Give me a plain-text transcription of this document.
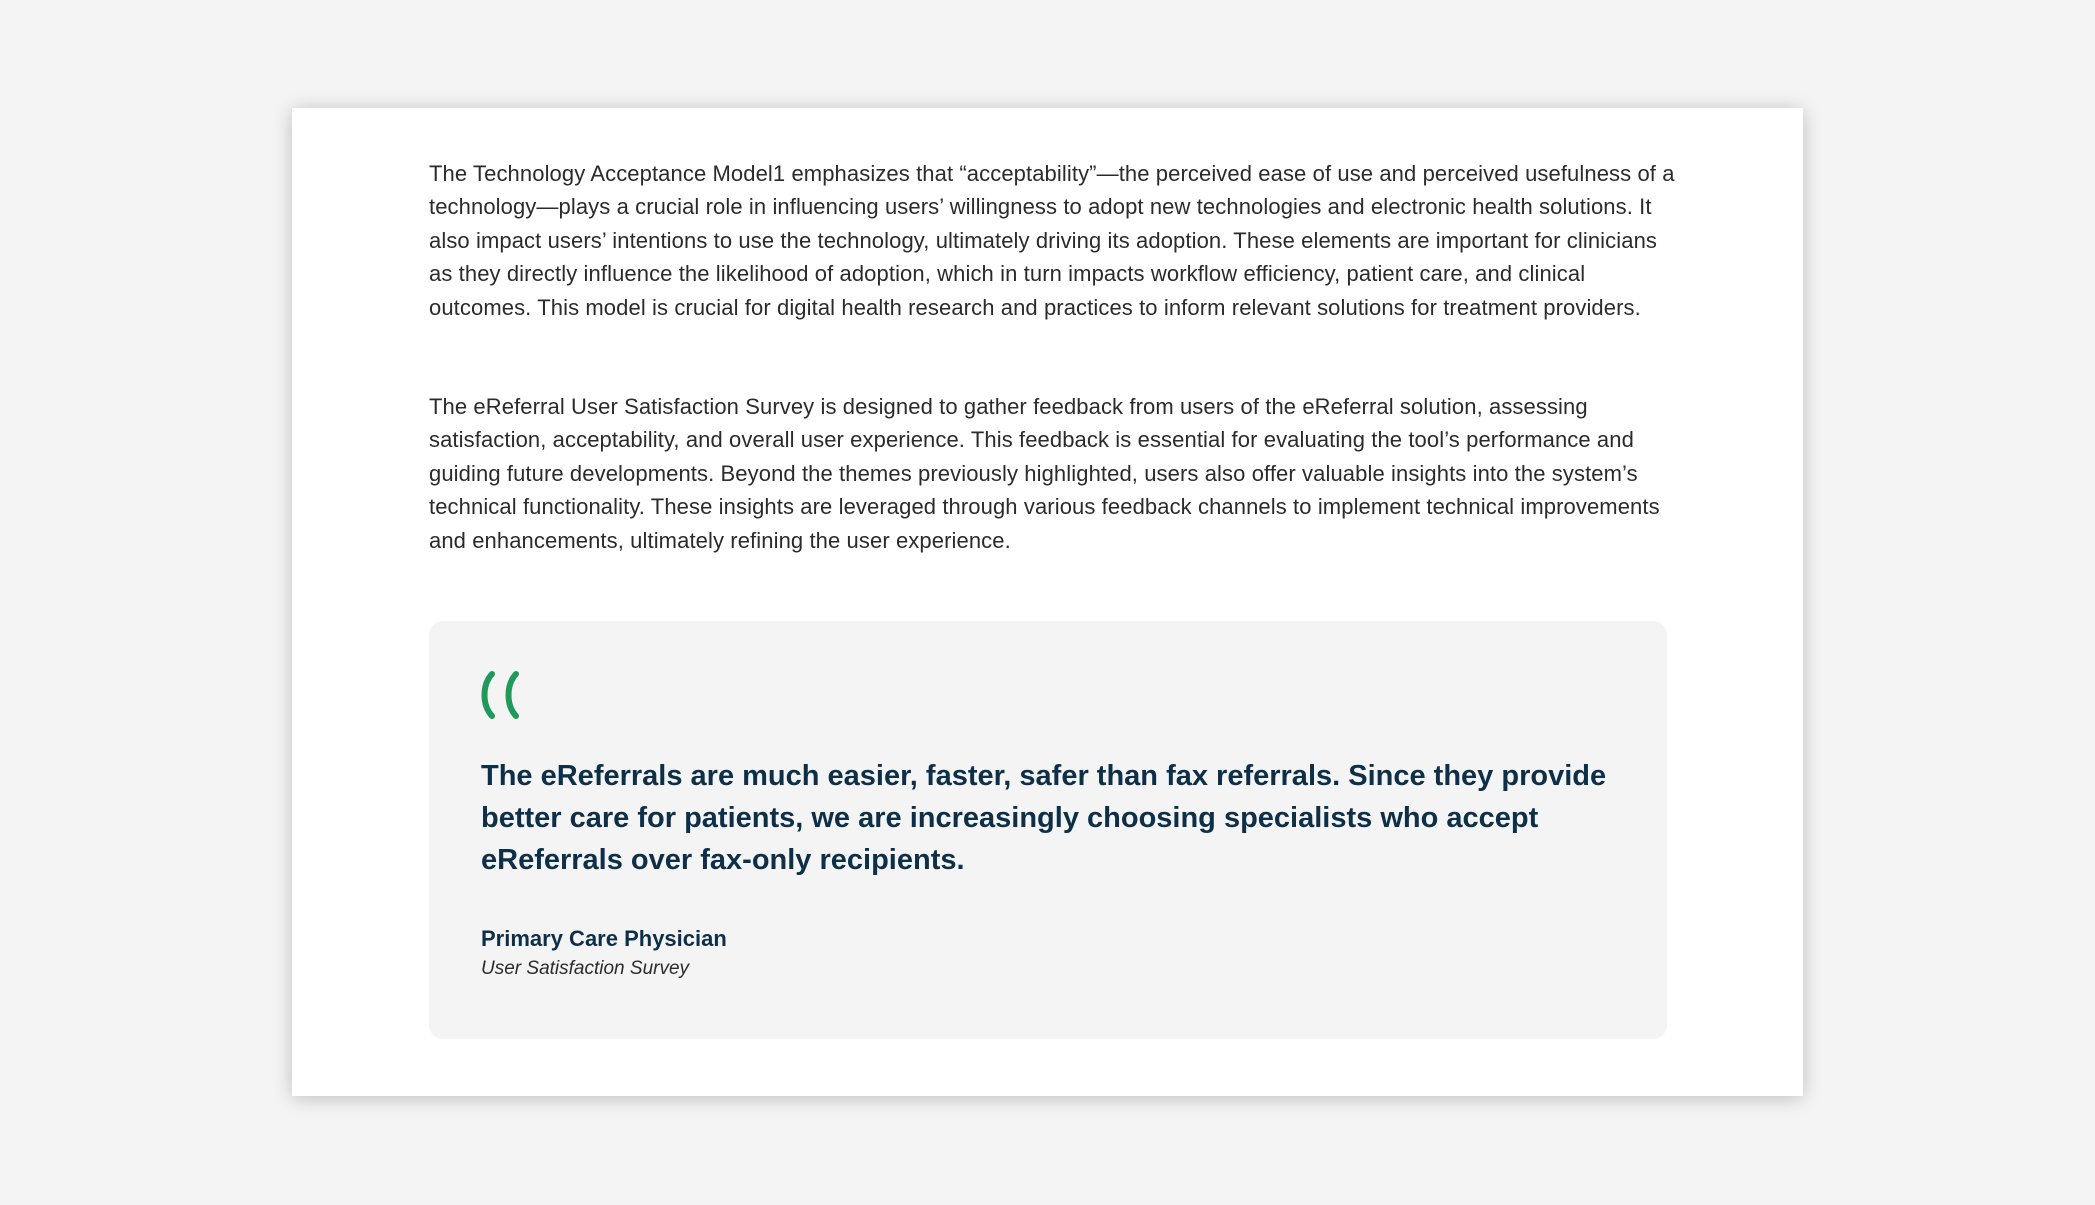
The Technology Acceptance Model1 emphasizes that “acceptability”—the perceived ease of use and perceived usefulness of a technology—plays a crucial role in influencing users’ willingness to adopt new technologies and electronic health solutions. It also impact users’ intentions to use the technology, ultimately driving its adoption. These elements are important for clinicians as they directly influence the likelihood of adoption, which in turn impacts workflow efficiency, patient care, and clinical outcomes. This model is crucial for digital health research and practices to inform relevant solutions for treatment providers.

The eReferral User Satisfaction Survey is designed to gather feedback from users of the eReferral solution, assessing satisfaction, acceptability, and overall user experience. This feedback is essential for evaluating the tool’s performance and guiding future developments. Beyond the themes previously highlighted, users also offer valuable insights into the system’s technical functionality. These insights are leveraged through various feedback channels to implement technical improvements and enhancements, ultimately refining the user experience.

The eReferrals are much easier, faster, safer than fax referrals. Since they provide better care for patients, we are increasingly choosing specialists who accept eReferrals over fax-only recipients.

Primary Care Physician

User Satisfaction Survey
